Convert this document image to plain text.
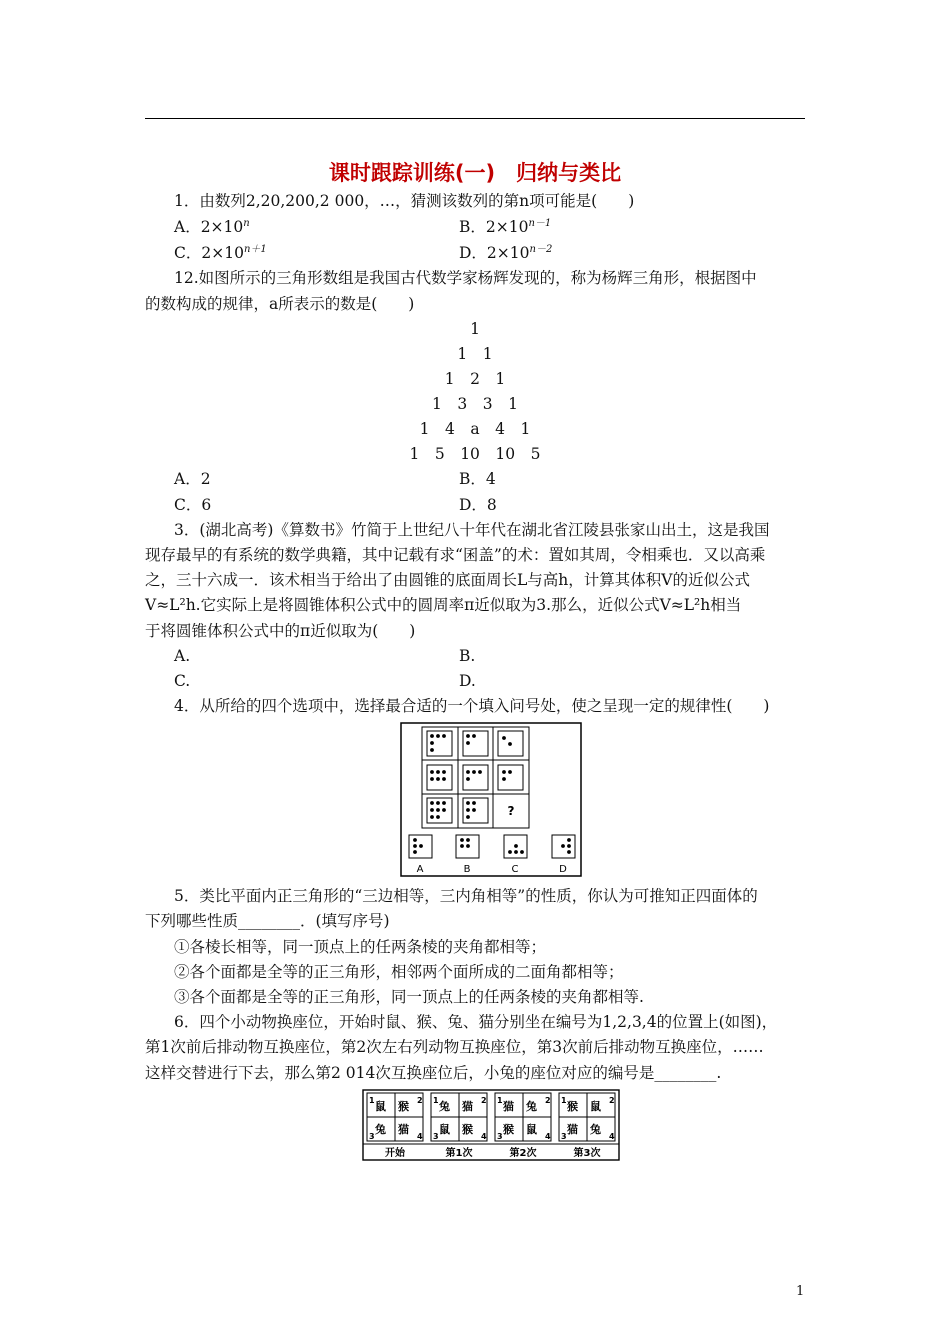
课时跟踪训练(一)　归纳与类比
1．由数列2,20,200,2 000，…，猜测该数列的第n项可能是(　　)
A．$2\times 10^n$	B．$2\times 10^{n-1}$
C．$2\times 10^{n+1}$	D．$2\times 10^{n-2}$
12.如图所示的三角形数组是我国古代数学家杨辉发现的，称为杨辉三角形，根据图中
的数构成的规律，a所表示的数是(　　)
1
1　1
1　2　1
1　3　3　1
1　4　a　4　1
1　5　10　10　5
A．2	B．4
C．6	D．8
3．(湖北高考)《算数书》竹简于上世纪八十年代在湖北省江陵县张家山出土，这是我国
现存最早的有系统的数学典籍，其中记载有求“囷盖”的术：置如其周，令相乘也．又以高乘
之，三十六成一．该术相当于给出了由圆锥的底面周长L与高h，计算其体积V的近似公式
V≈L²h.它实际上是将圆锥体积公式中的圆周率π近似取为3.那么，近似公式V≈L²h相当
于将圆锥体积公式中的π近似取为(　　)
A.	B.
C.	D.
4．从所给的四个选项中，选择最合适的一个填入问号处，使之呈现一定的规律性(　　)
?
A	B	C	D
5．类比平面内正三角形的“三边相等，三内角相等”的性质，你认为可推知正四面体的
下列哪些性质________．(填写序号)
①各棱长相等，同一顶点上的任两条棱的夹角都相等；
②各个面都是全等的正三角形，相邻两个面所成的二面角都相等；
③各个面都是全等的正三角形，同一顶点上的任两条棱的夹角都相等.
6．四个小动物换座位，开始时鼠、猴、兔、猫分别坐在编号为1,2,3,4的位置上(如图)，
第1次前后排动物互换座位，第2次左右列动物互换座位，第3次前后排动物互换座位，……
这样交替进行下去，那么第2 014次互换座位后，小兔的座位对应的编号是________.
1 鼠 猴 2
3
兔 猫
4
开始
1 兔 猫 2
3
鼠 猴
4
第1次
1 猫 兔 2
3
猴 鼠
4
第2次
1 猴 鼠 2
3
猫 兔
4
第3次
1
